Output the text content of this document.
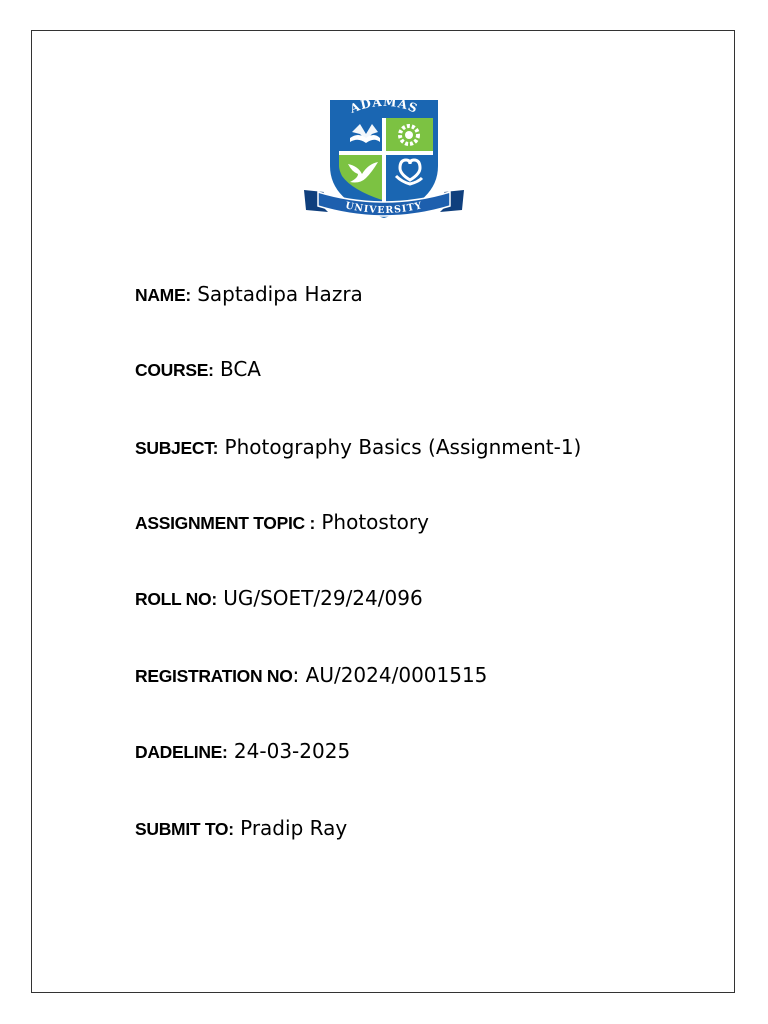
ADAMAS
UNIVERSITY
NAME: Saptadipa Hazra
COURSE: BCA
SUBJECT: Photography Basics (Assignment-1)
ASSIGNMENT TOPIC : Photostory
ROLL NO: UG/SOET/29/24/096
REGISTRATION NO: AU/2024/0001515
DADELINE: 24-03-2025
SUBMIT TO: Pradip Ray
